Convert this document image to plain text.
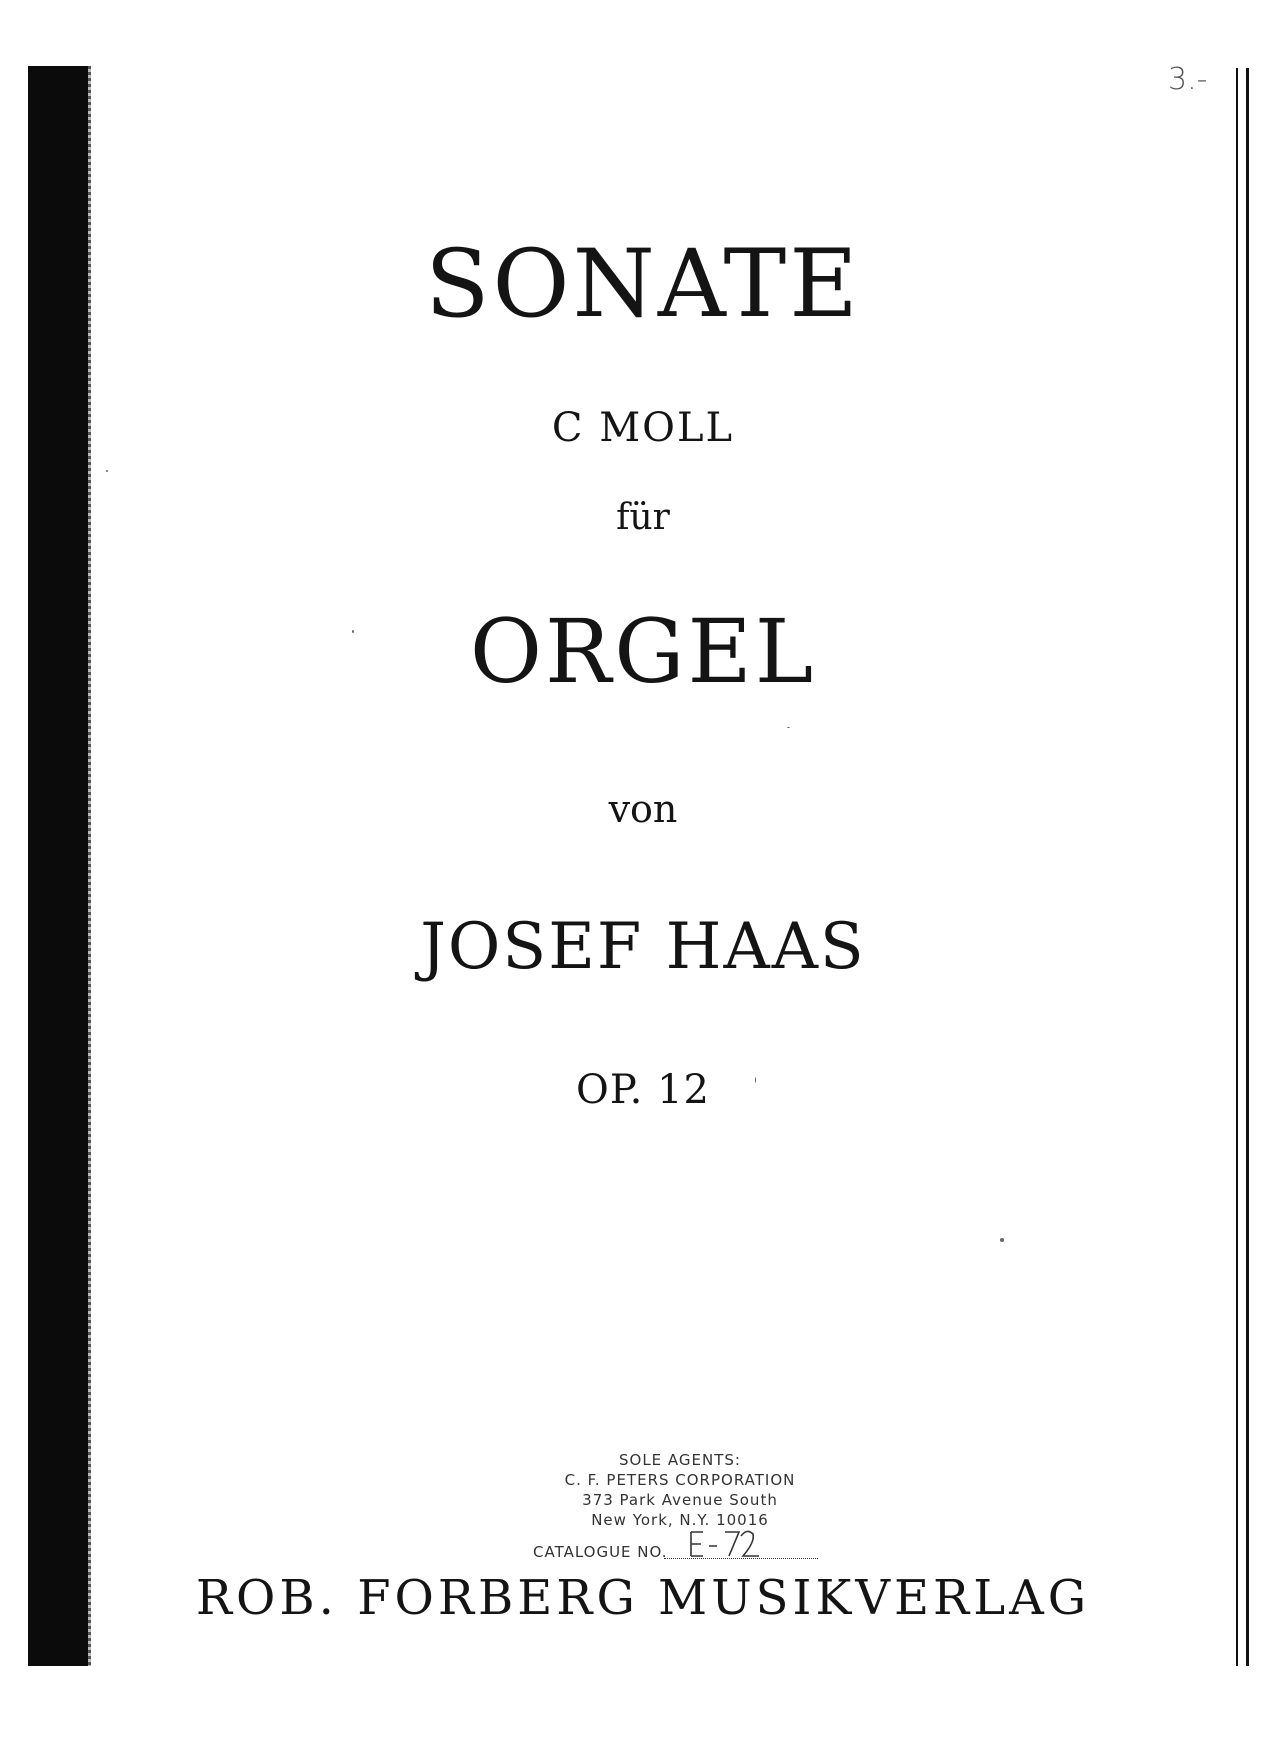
3.-
SONATE
C MOLL
für
ORGEL
von
JOSEF HAAS
OP. 12
SOLE AGENTS:
C. F. PETERS CORPORATION
373 Park Avenue South
New York, N.Y. 10016
CATALOGUE NO.
ROB. FORBERG MUSIKVERLAG
